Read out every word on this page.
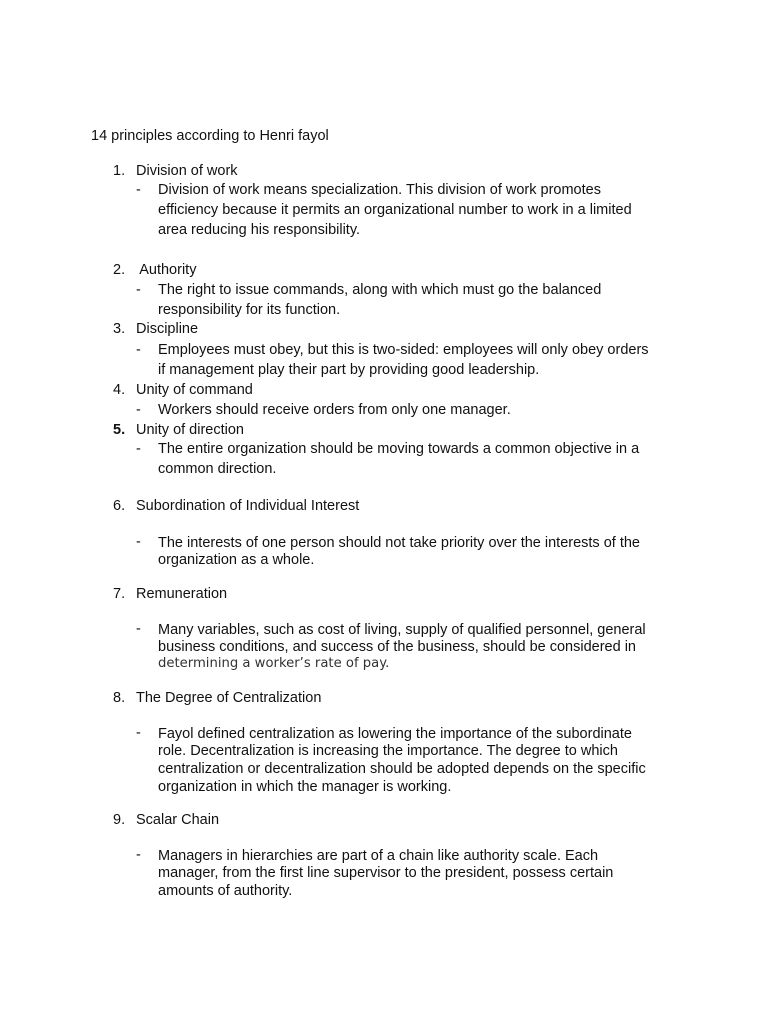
14 principles according to Henri fayol
1. Division of work
- Division of work means specialization. This division of work promotes
efficiency because it permits an organizational number to work in a limited
area reducing his responsibility.
2. Authority
- The right to issue commands, along with which must go the balanced
responsibility for its function.
3. Discipline
- Employees must obey, but this is two-sided: employees will only obey orders
if management play their part by providing good leadership.
4. Unity of command
- Workers should receive orders from only one manager.
5. Unity of direction
- The entire organization should be moving towards a common objective in a
common direction.
6. Subordination of Individual Interest
- The interests of one person should not take priority over the interests of the
organization as a whole.
7. Remuneration
- Many variables, such as cost of living, supply of qualified personnel, general
business conditions, and success of the business, should be considered in
determining a worker’s rate of pay.
8. The Degree of Centralization
- Fayol defined centralization as lowering the importance of the subordinate
role. Decentralization is increasing the importance. The degree to which
centralization or decentralization should be adopted depends on the specific
organization in which the manager is working.
9. Scalar Chain
- Managers in hierarchies are part of a chain like authority scale. Each
manager, from the first line supervisor to the president, possess certain
amounts of authority.
